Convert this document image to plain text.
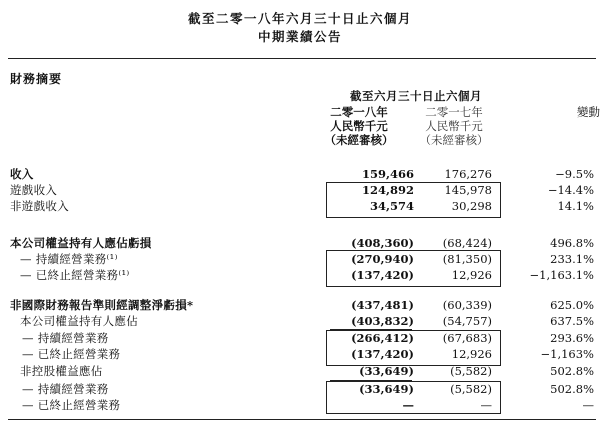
截至二零一八年六月三十日止六個月
中期業績公告
財務摘要
截至六月三十日止六個月
二零一八年
人民幣千元
（未經審核）
二零一七年
人民幣千元
（未經審核）
變動
收入	159,466	176,276	−9.5%
遊戲收入	124,892	145,978	−14.4%
非遊戲收入	34,574	30,298	14.1%
本公司權益持有人應佔虧損	(408,360)	(68,424)	496.8%
— 持續經營業務⁽¹⁾	(270,940)	(81,350)	233.1%
— 已終止經營業務⁽¹⁾	(137,420)	12,926	−1,163.1%
非國際財務報告準則經調整淨虧損*	(437,481)	(60,339)	625.0%
本公司權益持有人應佔	(403,832)	(54,757)	637.5%
— 持續經營業務	(266,412)	(67,683)	293.6%
— 已終止經營業務	(137,420)	12,926	−1,163%
非控股權益應佔	(33,649)	(5,582)	502.8%
— 持續經營業務	(33,649)	(5,582)	502.8%
— 已終止經營業務	—	—	—
